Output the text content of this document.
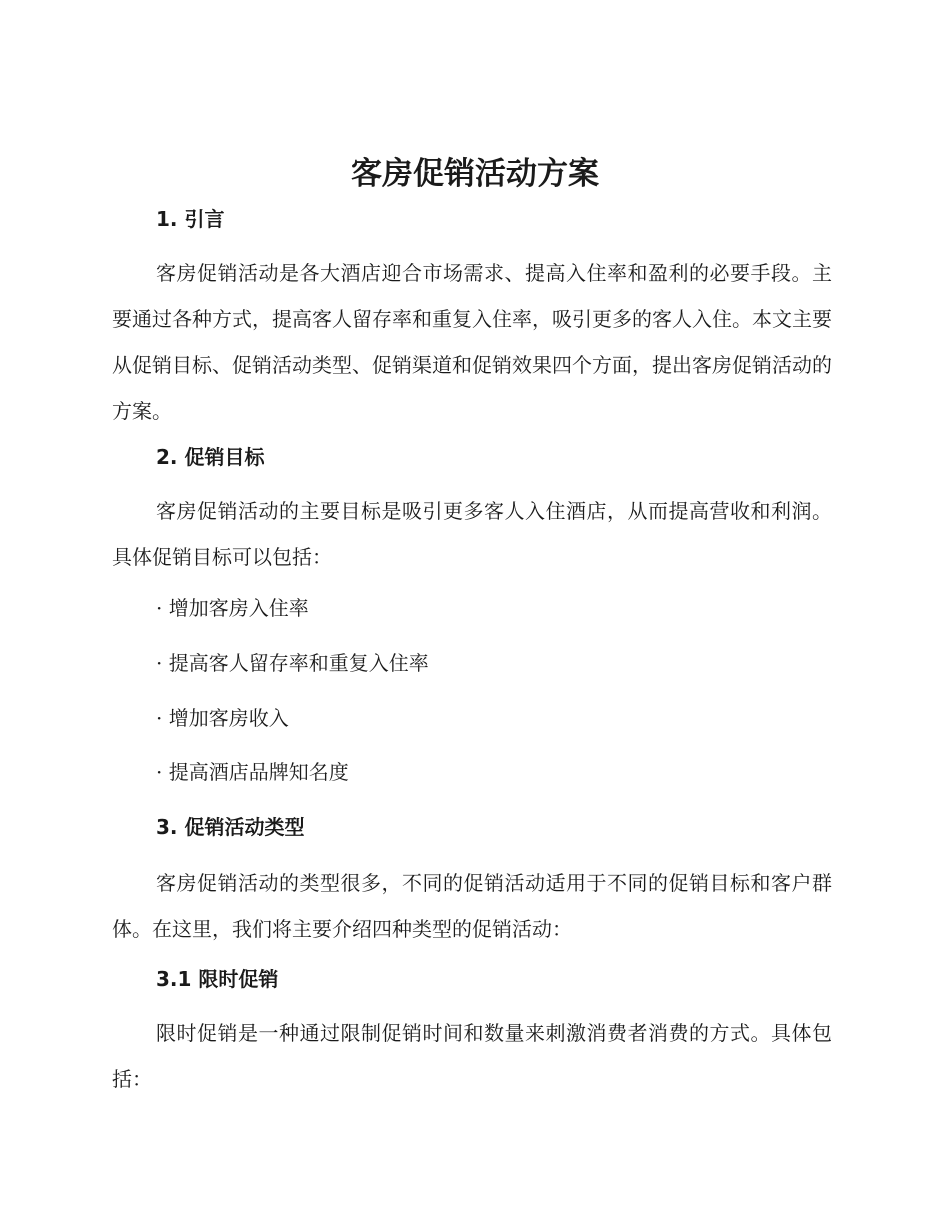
客房促销活动方案
1. 引言

客房促销活动是各大酒店迎合市场需求、提高入住率和盈利的必要手段。主要通过各种方式，提高客人留存率和重复入住率，吸引更多的客人入住。本文主要从促销目标、促销活动类型、促销渠道和促销效果四个方面，提出客房促销活动的方案。

2. 促销目标

客房促销活动的主要目标是吸引更多客人入住酒店，从而提高营收和利润。具体促销目标可以包括：

· 增加客房入住率

· 提高客人留存率和重复入住率

· 增加客房收入

· 提高酒店品牌知名度

3. 促销活动类型

客房促销活动的类型很多，不同的促销活动适用于不同的促销目标和客户群体。在这里，我们将主要介绍四种类型的促销活动：

3.1 限时促销

限时促销是一种通过限制促销时间和数量来刺激消费者消费的方式。具体包括：
